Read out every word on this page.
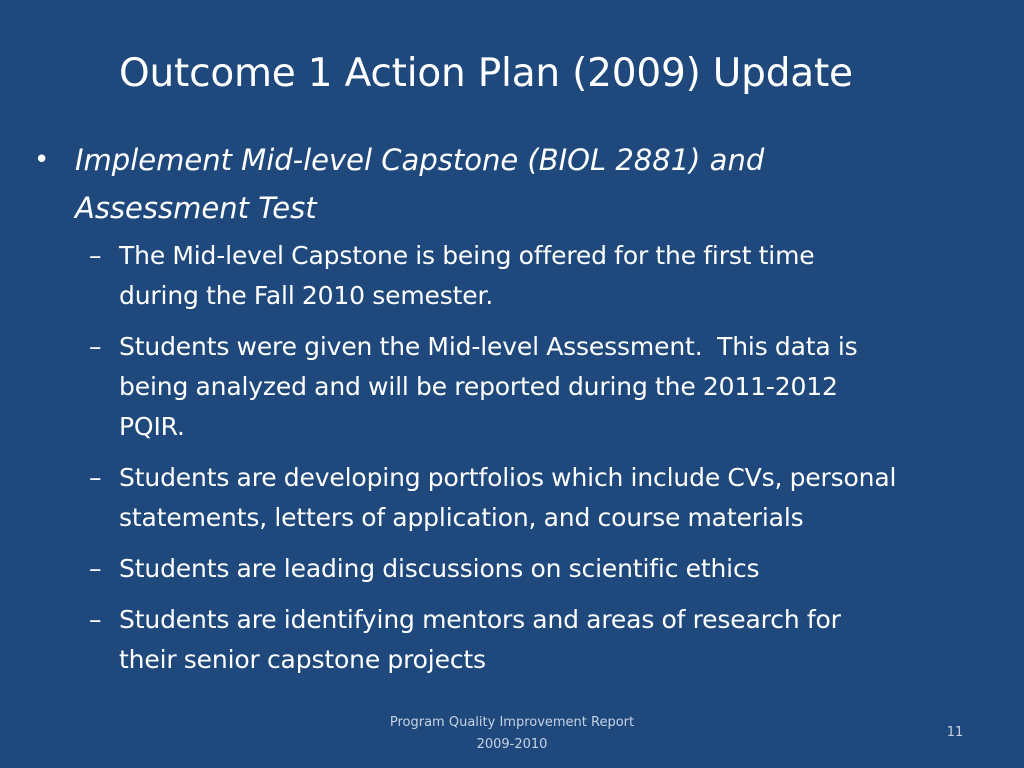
Outcome 1 Action Plan (2009) Update
• Implement Mid-level Capstone (BIOL 2881) and
Assessment Test
– The Mid-level Capstone is being offered for the first time
during the Fall 2010 semester.
– Students were given the Mid-level Assessment.  This data is
being analyzed and will be reported during the 2011-2012
PQIR.
– Students are developing portfolios which include CVs, personal
statements, letters of application, and course materials
– Students are leading discussions on scientific ethics
– Students are identifying mentors and areas of research for
their senior capstone projects
Program Quality Improvement Report
2009-2010
11
